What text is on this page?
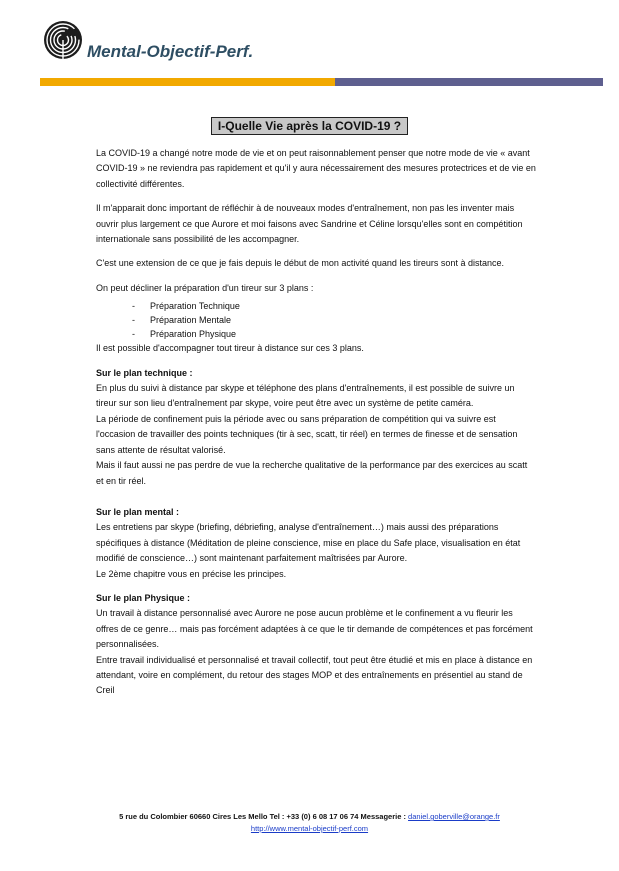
Mental-Objectif-Perf.
I-Quelle Vie après la COVID-19 ?

La COVID-19 a changé notre mode de vie et on peut raisonnablement penser que notre mode de vie « avant COVID-19 » ne reviendra pas rapidement et qu'il y aura nécessairement des mesures protectrices et de vie en collectivité différentes.

Il m'apparait donc important de réfléchir à de nouveaux modes d'entraînement, non pas les inventer mais ouvrir plus largement ce que Aurore et moi faisons avec Sandrine et Céline lorsqu'elles sont en compétition internationale sans possibilité de les accompagner.

C'est une extension de ce que je fais depuis le début de mon activité quand les tireurs sont à distance.

On peut décliner la préparation d'un tireur sur 3 plans :

- Préparation Technique
- Préparation Mentale
- Préparation Physique

Il est possible d'accompagner tout tireur à distance sur ces 3 plans.

Sur le plan technique :

En plus du suivi à distance par skype et téléphone des plans d'entraînements, il est possible de suivre un tireur sur son lieu d'entraînement par skype, voire peut être avec un système de petite caméra.

La période de confinement puis la période avec ou sans préparation de compétition qui va suivre est l'occasion de travailler des points techniques (tir à sec, scatt, tir réel) en termes de finesse et de sensation sans attente de résultat valorisé.

Mais il faut aussi ne pas perdre de vue la recherche qualitative de la performance par des exercices au scatt et en tir réel.

Sur le plan mental :

Les entretiens par skype (briefing, débriefing, analyse d'entraînement…) mais aussi des préparations spécifiques à distance (Méditation de pleine conscience, mise en place du Safe place, visualisation en état modifié de conscience…) sont maintenant parfaitement maîtrisées par Aurore.

Le 2ème chapitre vous en précise les principes.

Sur le plan Physique :

Un travail à distance personnalisé avec Aurore ne pose aucun problème et le confinement a vu fleurir les offres de ce genre… mais pas forcément adaptées à ce que le tir demande de compétences et pas forcément personnalisées.

Entre travail individualisé et personnalisé et travail collectif, tout peut être étudié et mis en place à distance en attendant, voire en complément, du retour des stages MOP et des entraînements en présentiel au stand de Creil

5 rue du Colombier 60660 Cires Les Mello Tel : +33 (0) 6 08 17 06 74 Messagerie : daniel.goberville@orange.fr
http://www.mental-objectif-perf.com
